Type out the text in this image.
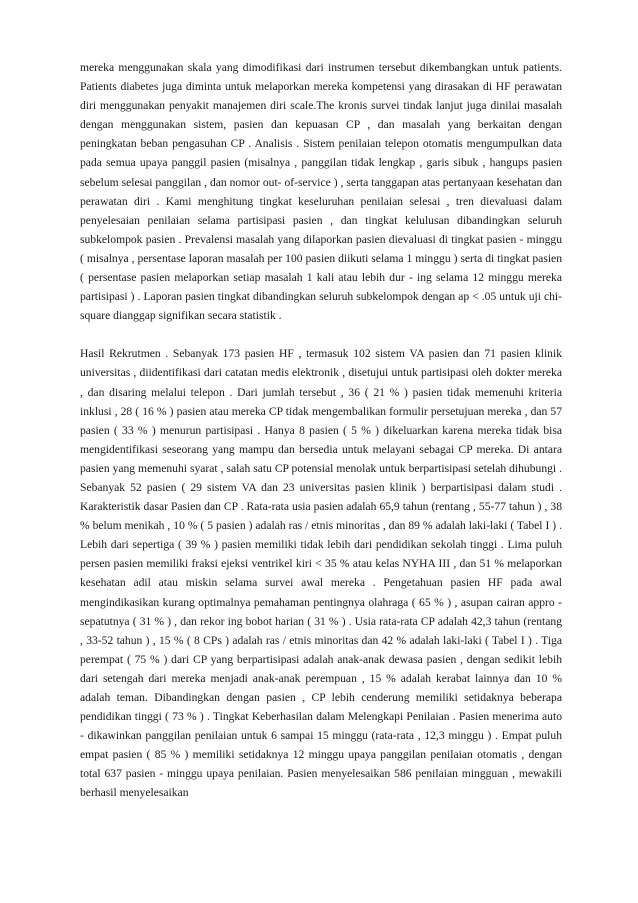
mereka menggunakan skala yang dimodifikasi dari instrumen tersebut dikembangkan untuk patients. Patients diabetes juga diminta untuk melaporkan mereka kompetensi yang dirasakan di HF perawatan diri menggunakan penyakit manajemen diri scale.The kronis survei tindak lanjut juga dinilai masalah dengan menggunakan sistem, pasien dan kepuasan CP , dan masalah yang berkaitan dengan peningkatan beban pengasuhan CP . Analisis . Sistem penilaian telepon otomatis mengumpulkan data pada semua upaya panggil pasien (misalnya , panggilan tidak lengkap , garis sibuk , hangups pasien sebelum selesai panggilan , dan nomor out- of-service ) , serta tanggapan atas pertanyaan kesehatan dan perawatan diri . Kami menghitung tingkat keseluruhan penilaian selesai , tren dievaluasi dalam penyelesaian penilaian selama partisipasi pasien , dan tingkat kelulusan dibandingkan seluruh subkelompok pasien . Prevalensi masalah yang dilaporkan pasien dievaluasi di tingkat pasien - minggu ( misalnya , persentase laporan masalah per 100 pasien diikuti selama 1 minggu ) serta di tingkat pasien ( persentase pasien melaporkan setiap masalah 1 kali atau lebih dur - ing selama 12 minggu mereka partisipasi ) . Laporan pasien tingkat dibandingkan seluruh subkelompok dengan ap < .05 untuk uji chi-square dianggap signifikan secara statistik .

Hasil Rekrutmen . Sebanyak 173 pasien HF , termasuk 102 sistem VA pasien dan 71 pasien klinik universitas , diidentifikasi dari catatan medis elektronik , disetujui untuk partisipasi oleh dokter mereka , dan disaring melalui telepon . Dari jumlah tersebut , 36 ( 21 % ) pasien tidak memenuhi kriteria inklusi , 28 ( 16 % ) pasien atau mereka CP tidak mengembalikan formulir persetujuan mereka , dan 57 pasien ( 33 % ) menurun partisipasi . Hanya 8 pasien ( 5 % ) dikeluarkan karena mereka tidak bisa mengidentifikasi seseorang yang mampu dan bersedia untuk melayani sebagai CP mereka. Di antara pasien yang memenuhi syarat , salah satu CP potensial menolak untuk berpartisipasi setelah dihubungi . Sebanyak 52 pasien ( 29 sistem VA dan 23 universitas pasien klinik ) berpartisipasi dalam studi . Karakteristik dasar Pasien dan CP . Rata-rata usia pasien adalah 65,9 tahun (rentang , 55-77 tahun ) , 38 % belum menikah , 10 % ( 5 pasien ) adalah ras / etnis minoritas , dan 89 % adalah laki-laki ( Tabel I ) . Lebih dari sepertiga ( 39 % ) pasien memiliki tidak lebih dari pendidikan sekolah tinggi . Lima puluh persen pasien memiliki fraksi ejeksi ventrikel kiri < 35 % atau kelas NYHA III , dan 51 % melaporkan kesehatan adil atau miskin selama survei awal mereka . Pengetahuan pasien HF pada awal mengindikasikan kurang optimalnya pemahaman pentingnya olahraga ( 65 % ) , asupan cairan appro - sepatutnya ( 31 % ) , dan rekor ing bobot harian ( 31 % ) . Usia rata-rata CP adalah 42,3 tahun (rentang , 33-52 tahun ) , 15 % ( 8 CPs ) adalah ras / etnis minoritas dan 42 % adalah laki-laki ( Tabel I ) . Tiga perempat ( 75 % ) dari CP yang berpartisipasi adalah anak-anak dewasa pasien , dengan sedikit lebih dari setengah dari mereka menjadi anak-anak perempuan , 15 % adalah kerabat lainnya dan 10 % adalah teman. Dibandingkan dengan pasien , CP lebih cenderung memiliki setidaknya beberapa pendidikan tinggi ( 73 % ) . Tingkat Keberhasilan dalam Melengkapi Penilaian . Pasien menerima auto - dikawinkan panggilan penilaian untuk 6 sampai 15 minggu (rata-rata , 12,3 minggu ) . Empat puluh empat pasien ( 85 % ) memiliki setidaknya 12 minggu upaya panggilan penilaian otomatis , dengan total 637 pasien - minggu upaya penilaian. Pasien menyelesaikan 586 penilaian mingguan , mewakili berhasil menyelesaikan
